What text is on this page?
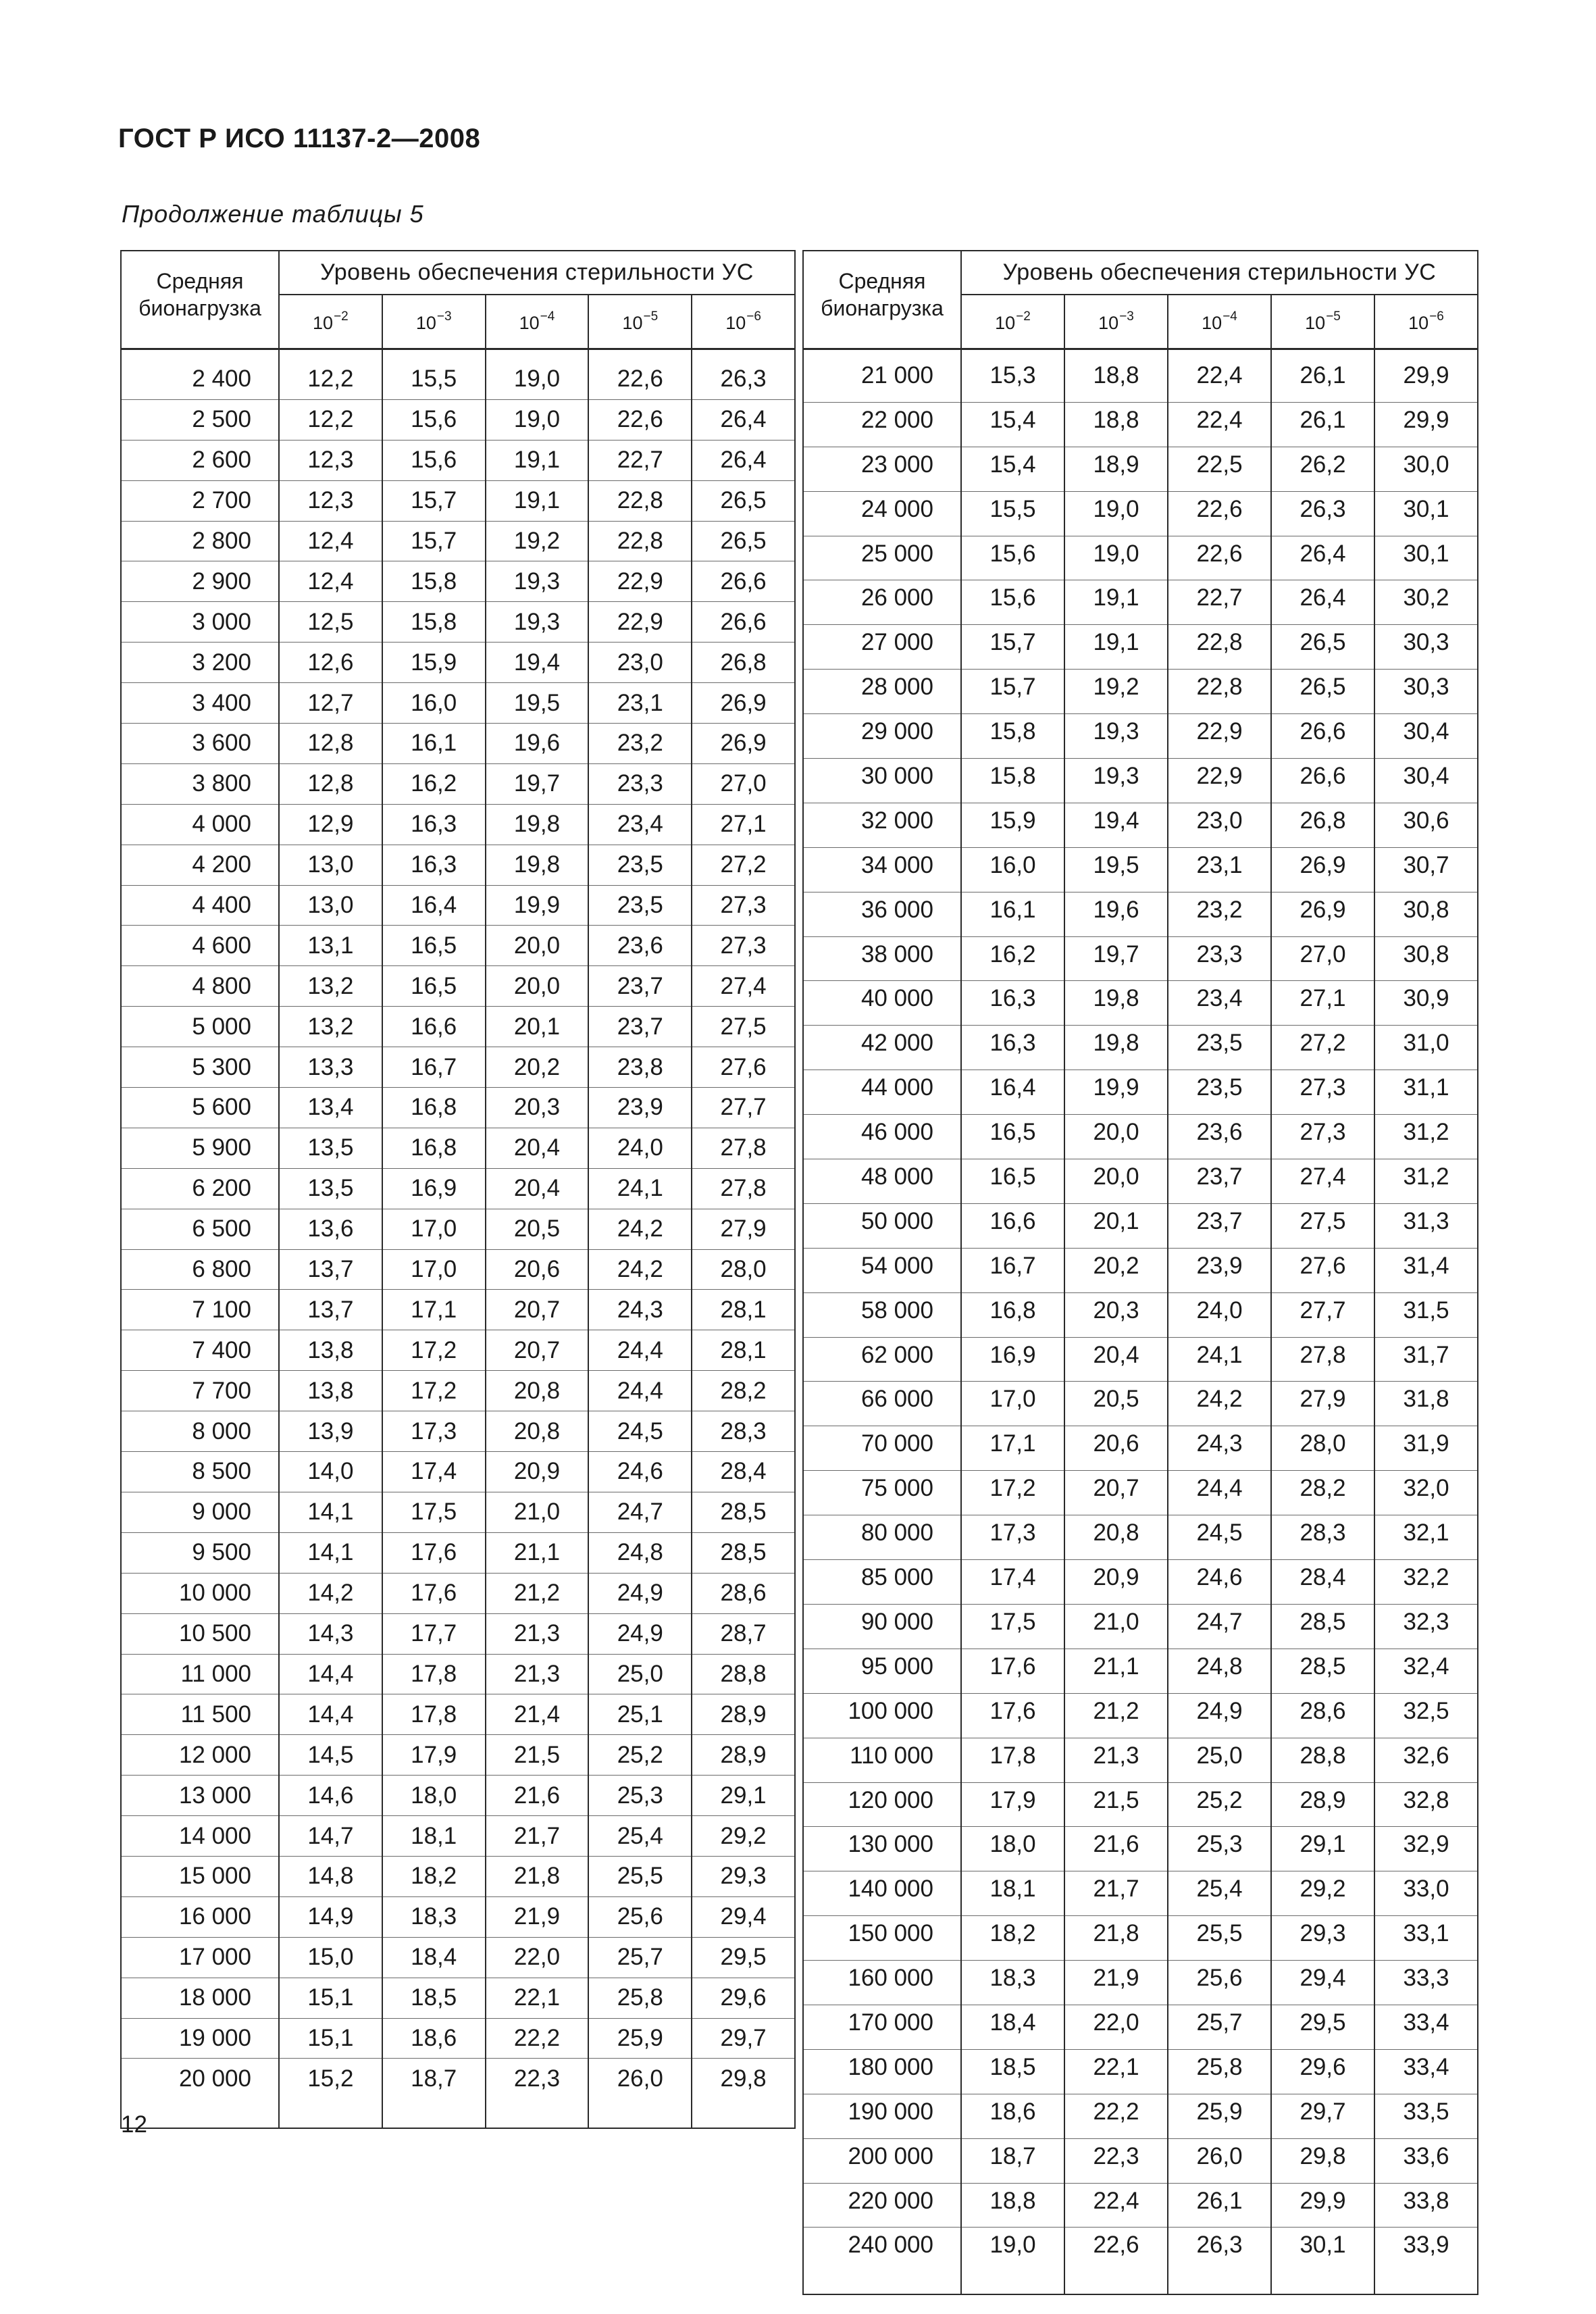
ГОСТ Р ИСО 11137-2—2008
Продолжение таблицы 5
Средняя бионагрузка	Уровень обеспечения стерильности УС				
	$10^{-2}$	$10^{-3}$	$10^{-4}$	$10^{-5}$	$10^{-6}$
2 400	12,2	15,5	19,0	22,6	26,3
2 500	12,2	15,6	19,0	22,6	26,4
2 600	12,3	15,6	19,1	22,7	26,4
2 700	12,3	15,7	19,1	22,8	26,5
2 800	12,4	15,7	19,2	22,8	26,5
2 900	12,4	15,8	19,3	22,9	26,6
3 000	12,5	15,8	19,3	22,9	26,6
3 200	12,6	15,9	19,4	23,0	26,8
3 400	12,7	16,0	19,5	23,1	26,9
3 600	12,8	16,1	19,6	23,2	26,9
3 800	12,8	16,2	19,7	23,3	27,0
4 000	12,9	16,3	19,8	23,4	27,1
4 200	13,0	16,3	19,8	23,5	27,2
4 400	13,0	16,4	19,9	23,5	27,3
4 600	13,1	16,5	20,0	23,6	27,3
4 800	13,2	16,5	20,0	23,7	27,4
5 000	13,2	16,6	20,1	23,7	27,5
5 300	13,3	16,7	20,2	23,8	27,6
5 600	13,4	16,8	20,3	23,9	27,7
5 900	13,5	16,8	20,4	24,0	27,8
6 200	13,5	16,9	20,4	24,1	27,8
6 500	13,6	17,0	20,5	24,2	27,9
6 800	13,7	17,0	20,6	24,2	28,0
7 100	13,7	17,1	20,7	24,3	28,1
7 400	13,8	17,2	20,7	24,4	28,1
7 700	13,8	17,2	20,8	24,4	28,2
8 000	13,9	17,3	20,8	24,5	28,3
8 500	14,0	17,4	20,9	24,6	28,4
9 000	14,1	17,5	21,0	24,7	28,5
9 500	14,1	17,6	21,1	24,8	28,5
10 000	14,2	17,6	21,2	24,9	28,6
10 500	14,3	17,7	21,3	24,9	28,7
11 000	14,4	17,8	21,3	25,0	28,8
11 500	14,4	17,8	21,4	25,1	28,9
12 000	14,5	17,9	21,5	25,2	28,9
13 000	14,6	18,0	21,6	25,3	29,1
14 000	14,7	18,1	21,7	25,4	29,2
15 000	14,8	18,2	21,8	25,5	29,3
16 000	14,9	18,3	21,9	25,6	29,4
17 000	15,0	18,4	22,0	25,7	29,5
18 000	15,1	18,5	22,1	25,8	29,6
19 000	15,1	18,6	22,2	25,9	29,7
20 000	15,2	18,7	22,3	26,0	29,8
Средняя бионагрузка	Уровень обеспечения стерильности УС				
	$10^{-2}$	$10^{-3}$	$10^{-4}$	$10^{-5}$	$10^{-6}$
21 000	15,3	18,8	22,4	26,1	29,9
22 000	15,4	18,8	22,4	26,1	29,9
23 000	15,4	18,9	22,5	26,2	30,0
24 000	15,5	19,0	22,6	26,3	30,1
25 000	15,6	19,0	22,6	26,4	30,1
26 000	15,6	19,1	22,7	26,4	30,2
27 000	15,7	19,1	22,8	26,5	30,3
28 000	15,7	19,2	22,8	26,5	30,3
29 000	15,8	19,3	22,9	26,6	30,4
30 000	15,8	19,3	22,9	26,6	30,4
32 000	15,9	19,4	23,0	26,8	30,6
34 000	16,0	19,5	23,1	26,9	30,7
36 000	16,1	19,6	23,2	26,9	30,8
38 000	16,2	19,7	23,3	27,0	30,8
40 000	16,3	19,8	23,4	27,1	30,9
42 000	16,3	19,8	23,5	27,2	31,0
44 000	16,4	19,9	23,5	27,3	31,1
46 000	16,5	20,0	23,6	27,3	31,2
48 000	16,5	20,0	23,7	27,4	31,2
50 000	16,6	20,1	23,7	27,5	31,3
54 000	16,7	20,2	23,9	27,6	31,4
58 000	16,8	20,3	24,0	27,7	31,5
62 000	16,9	20,4	24,1	27,8	31,7
66 000	17,0	20,5	24,2	27,9	31,8
70 000	17,1	20,6	24,3	28,0	31,9
75 000	17,2	20,7	24,4	28,2	32,0
80 000	17,3	20,8	24,5	28,3	32,1
85 000	17,4	20,9	24,6	28,4	32,2
90 000	17,5	21,0	24,7	28,5	32,3
95 000	17,6	21,1	24,8	28,5	32,4
100 000	17,6	21,2	24,9	28,6	32,5
110 000	17,8	21,3	25,0	28,8	32,6
120 000	17,9	21,5	25,2	28,9	32,8
130 000	18,0	21,6	25,3	29,1	32,9
140 000	18,1	21,7	25,4	29,2	33,0
150 000	18,2	21,8	25,5	29,3	33,1
160 000	18,3	21,9	25,6	29,4	33,3
170 000	18,4	22,0	25,7	29,5	33,4
180 000	18,5	22,1	25,8	29,6	33,4
190 000	18,6	22,2	25,9	29,7	33,5
200 000	18,7	22,3	26,0	29,8	33,6
220 000	18,8	22,4	26,1	29,9	33,8
240 000	19,0	22,6	26,3	30,1	33,9
12
